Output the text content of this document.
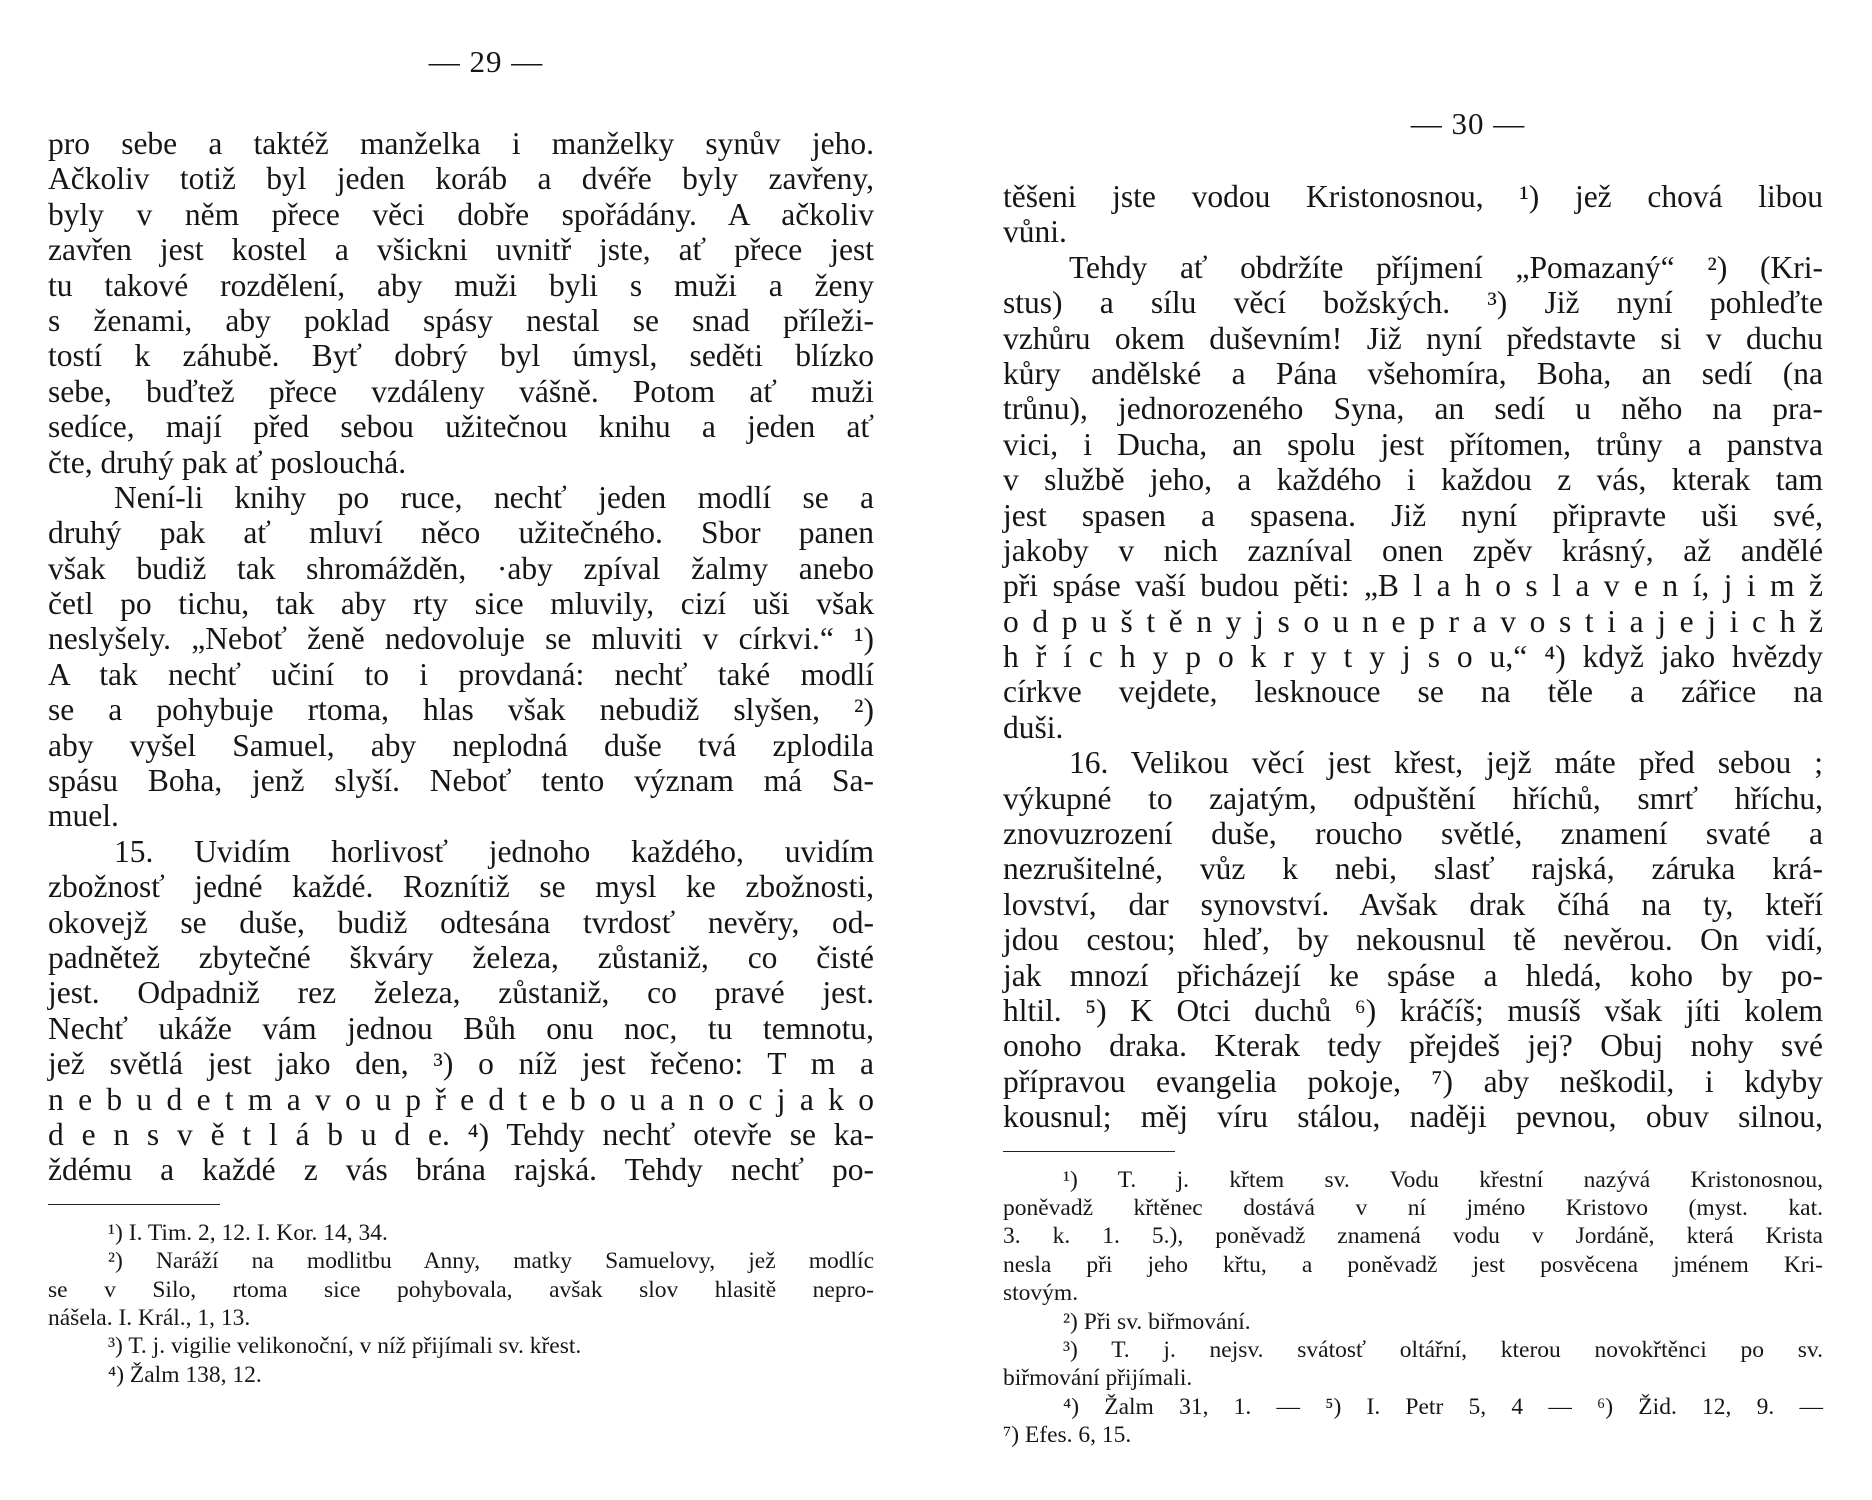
— 29 —
pro sebe a taktéž manželka i manželky synův jeho.
Ačkoliv totiž byl jeden koráb a dvéře byly zavřeny,
byly v něm přece věci dobře spořádány. A ačkoliv
zavřen jest kostel a všickni uvnitř jste, ať přece jest
tu takové rozdělení, aby muži byli s muži a ženy
s ženami, aby poklad spásy nestal se snad příleži-
tostí k záhubě. Byť dobrý byl úmysl, seděti blízko
sebe, buďtež přece vzdáleny vášně. Potom ať muži
sedíce, mají před sebou užitečnou knihu a jeden ať
čte, druhý pak ať poslouchá.
Není-li knihy po ruce, nechť jeden modlí se a
druhý pak ať mluví něco užitečného. Sbor panen
však budiž tak shromážděn, ·aby zpíval žalmy anebo
četl po tichu, tak aby rty sice mluvily, cizí uši však
neslyšely. „Neboť ženě nedovoluje se mluviti v církvi.“ ¹)
A tak nechť učiní to i provdaná: nechť také modlí
se a pohybuje rtoma, hlas však nebudiž slyšen, ²)
aby vyšel Samuel, aby neplodná duše tvá zplodila
spásu Boha, jenž slyší. Neboť tento význam má Sa-
muel.
15. Uvidím horlivosť jednoho každého, uvidím
zbožnosť jedné každé. Roznítiž se mysl ke zbožnosti,
okovejž se duše, budiž odtesána tvrdosť nevěry, od-
padnětež zbytečné škváry železa, zůstaniž, co čisté
jest. Odpadniž rez železa, zůstaniž, co pravé jest.
Nechť ukáže vám jednou Bůh onu noc, tu temnotu,
jež světlá jest jako den, ³) o níž jest řečeno: T m a
n e b u d e t m a v o u p ř e d t e b o u a n o c j a k o
d e n s v ě t l á b u d e. ⁴) Tehdy nechť otevře se ka-
ždému a každé z vás brána rajská. Tehdy nechť po-
¹) I. Tim. 2, 12. I. Kor. 14, 34.
²) Naráží na modlitbu Anny, matky Samuelovy, jež modlíc
se v Silo, rtoma sice pohybovala, avšak slov hlasitě nepro-
nášela. I. Král., 1, 13.
³) T. j. vigilie velikonoční, v níž přijímali sv. křest.
⁴) Žalm 138, 12.
— 30 —
těšeni jste vodou Kristonosnou, ¹) jež chová libou
vůni.
Tehdy ať obdržíte příjmení „Pomazaný“ ²) (Kri-
stus) a sílu věcí božských. ³) Již nyní pohleďte
vzhůru okem duševním! Již nyní představte si v duchu
kůry andělské a Pána všehomíra, Boha, an sedí (na
trůnu), jednorozeného Syna, an sedí u něho na pra-
vici, i Ducha, an spolu jest přítomen, trůny a panstva
v službě jeho, a každého i každou z vás, kterak tam
jest spasen a spasena. Již nyní připravte uši své,
jakoby v nich zazníval onen zpěv krásný, až andělé
při spáse vaší budou pěti: „B l a h o s l a v e n í, j i m ž
o d p u š t ě n y j s o u n e p r a v o s t i a j e j i c h ž
h ř í c h y p o k r y t y j s o u,“ ⁴) když jako hvězdy
církve vejdete, lesknouce se na těle a zářice na
duši.
16. Velikou věcí jest křest, jejž máte před sebou ;
výkupné to zajatým, odpuštění hříchů, smrť hříchu,
znovuzrození duše, roucho světlé, znamení svaté a
nezrušitelné, vůz k nebi, slasť rajská, záruka krá-
lovství, dar synovství. Avšak drak číhá na ty, kteří
jdou cestou; hleď, by nekousnul tě nevěrou. On vidí,
jak mnozí přicházejí ke spáse a hledá, koho by po-
hltil. ⁵) K Otci duchů ⁶) kráčíš; musíš však jíti kolem
onoho draka. Kterak tedy přejdeš jej? Obuj nohy své
přípravou evangelia pokoje, ⁷) aby neškodil, i kdyby
kousnul; měj víru stálou, naději pevnou, obuv silnou,
¹) T. j. křtem sv. Vodu křestní nazývá Kristonosnou,
poněvadž křtěnec dostává v ní jméno Kristovo (myst. kat.
3. k. 1. 5.), poněvadž znamená vodu v Jordáně, která Krista
nesla při jeho křtu, a poněvadž jest posvěcena jménem Kri-
stovým.
²) Při sv. biřmování.
³) T. j. nejsv. svátosť oltářní, kterou novokřtěnci po sv.
biřmování přijímali.
⁴) Žalm 31, 1. — ⁵) I. Petr 5, 4 — ⁶) Žid. 12, 9. —
⁷) Efes. 6, 15.
